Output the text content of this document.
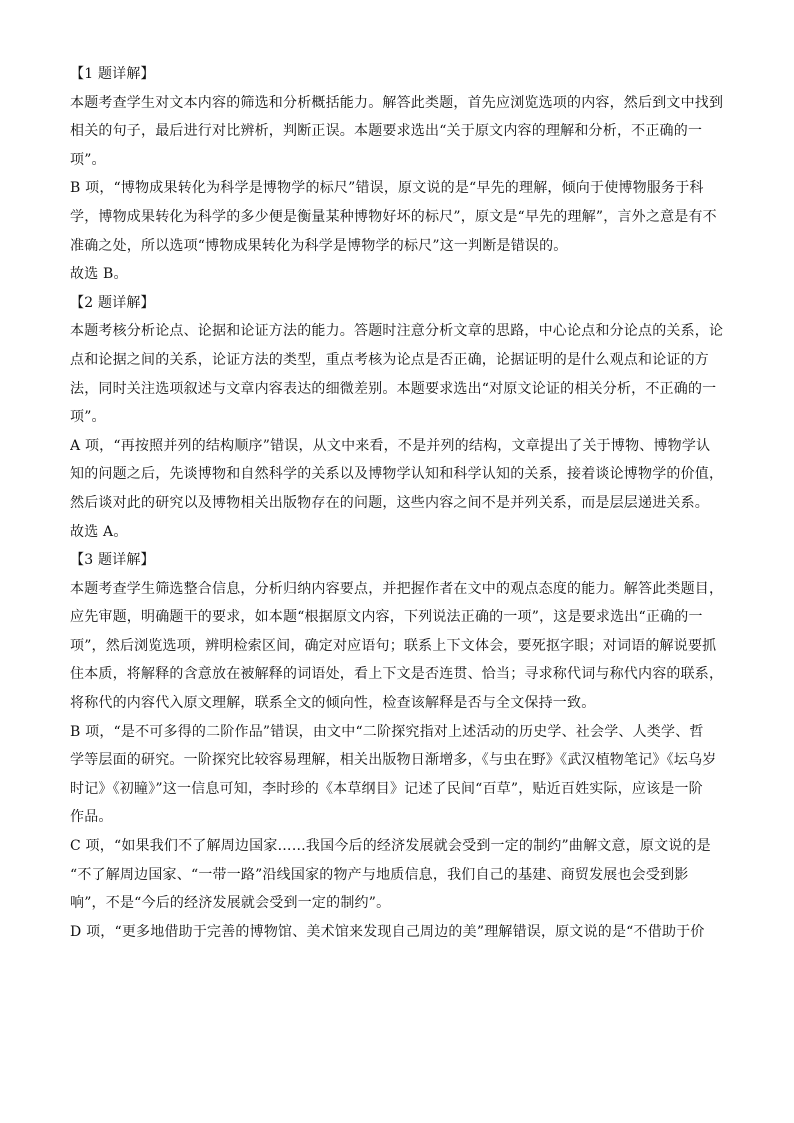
【1 题详解】
本题考查学生对文本内容的筛选和分析概括能力。解答此类题，首先应浏览选项的内容，然后到文中找到
相关的句子，最后进行对比辨析，判断正误。本题要求选出“关于原文内容的理解和分析，不正确的一
项”。
B 项，“博物成果转化为科学是博物学的标尺”错误，原文说的是“早先的理解，倾向于使博物服务于科
学，博物成果转化为科学的多少便是衡量某种博物好坏的标尺”，原文是“早先的理解”，言外之意是有不
准确之处，所以选项“博物成果转化为科学是博物学的标尺”这一判断是错误的。
故选 B。
【2 题详解】
本题考核分析论点、论据和论证方法的能力。答题时注意分析文章的思路，中心论点和分论点的关系，论
点和论据之间的关系，论证方法的类型，重点考核为论点是否正确，论据证明的是什么观点和论证的方
法，同时关注选项叙述与文章内容表达的细微差别。本题要求选出“对原文论证的相关分析，不正确的一
项”。
A 项，“再按照并列的结构顺序”错误，从文中来看，不是并列的结构，文章提出了关于博物、博物学认
知的问题之后，先谈博物和自然科学的关系以及博物学认知和科学认知的关系，接着谈论博物学的价值，
然后谈对此的研究以及博物相关出版物存在的问题，这些内容之间不是并列关系，而是层层递进关系。
故选 A。
【3 题详解】
本题考查学生筛选整合信息，分析归纳内容要点，并把握作者在文中的观点态度的能力。解答此类题目，
应先审题，明确题干的要求，如本题“根据原文内容，下列说法正确的一项”，这是要求选出“正确的一
项”，然后浏览选项，辨明检索区间，确定对应语句；联系上下文体会，要死抠字眼；对词语的解说要抓
住本质，将解释的含意放在被解释的词语处，看上下文是否连贯、恰当；寻求称代词与称代内容的联系，
将称代的内容代入原文理解，联系全文的倾向性，检查该解释是否与全文保持一致。
B 项，“是不可多得的二阶作品”错误，由文中“二阶探究指对上述活动的历史学、社会学、人类学、哲
学等层面的研究。一阶探究比较容易理解，相关出版物日渐增多，《与虫在野》《武汉植物笔记》《坛乌岁
时记》《初瞳》”这一信息可知，李时珍的《本草纲目》记述了民间“百草”，贴近百姓实际，应该是一阶
作品。
C 项，“如果我们不了解周边国家……我国今后的经济发展就会受到一定的制约”曲解文意，原文说的是
“不了解周边国家、“一带一路”沿线国家的物产与地质信息，我们自己的基建、商贸发展也会受到影
响”，不是“今后的经济发展就会受到一定的制约”。
D 项，“更多地借助于完善的博物馆、美术馆来发现自己周边的美”理解错误，原文说的是“不借助于价
